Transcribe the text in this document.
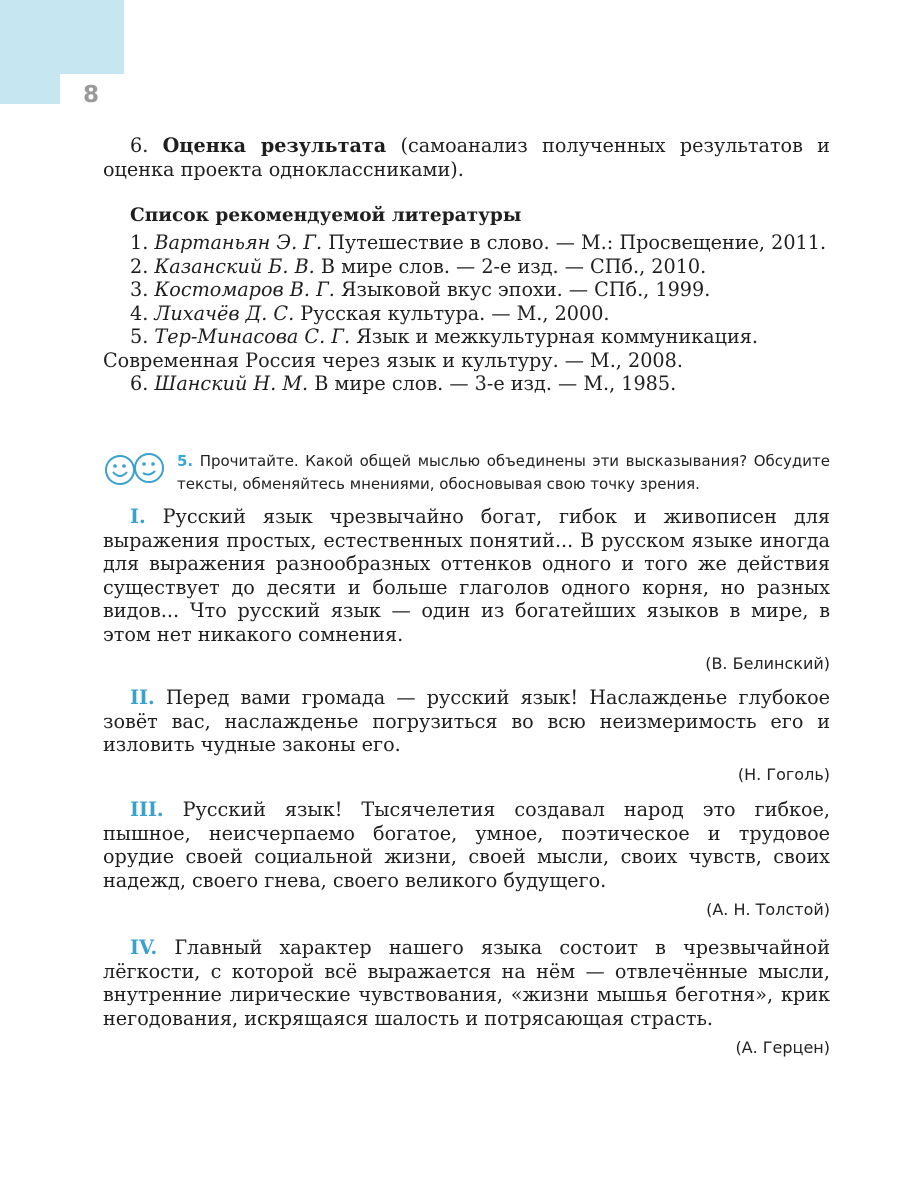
8

6. Оценка результата (самоанализ полученных результатов и оценка проекта одноклассниками).

Список рекомендуемой литературы

1. Вартаньян Э. Г. Путешествие в слово. — М.: Просвещение, 2011.

2. Казанский Б. В. В мире слов. — 2-е изд. — СПб., 2010.

3. Костомаров В. Г. Языковой вкус эпохи. — СПб., 1999.

4. Лихачёв Д. С. Русская культура. — М., 2000.

5. Тер-Минасова С. Г. Язык и межкультурная коммуникация. Современная Россия через язык и культуру. — М., 2008.

6. Шанский Н. М. В мире слов. — 3-е изд. — М., 1985.

5. Прочитайте. Какой общей мыслью объединены эти высказывания? Обсудите тексты, обменяйтесь мнениями, обосновывая свою точку зрения.

I. Русский язык чрезвычайно богат, гибок и живописен для выражения простых, естественных понятий... В русском языке иногда для выражения разнообразных оттенков одного и того же действия существует до десяти и больше глаголов одного корня, но разных видов... Что русский язык — один из богатейших языков в мире, в этом нет никакого сомнения.

(В. Белинский)

II. Перед вами громада — русский язык! Наслажденье глубокое зовёт вас, наслажденье погрузиться во всю неизмеримость его и изловить чудные законы его.

(Н. Гоголь)

III. Русский язык! Тысячелетия создавал народ это гибкое, пышное, неисчерпаемо богатое, умное, поэтическое и трудовое орудие своей социальной жизни, своей мысли, своих чувств, своих надежд, своего гнева, своего великого будущего.

(А. Н. Толстой)

IV. Главный характер нашего языка состоит в чрезвычайной лёгкости, с которой всё выражается на нём — отвлечённые мысли, внутренние лирические чувствования, «жизни мышья беготня», крик негодования, искрящаяся шалость и потрясающая страсть.

(А. Герцен)
